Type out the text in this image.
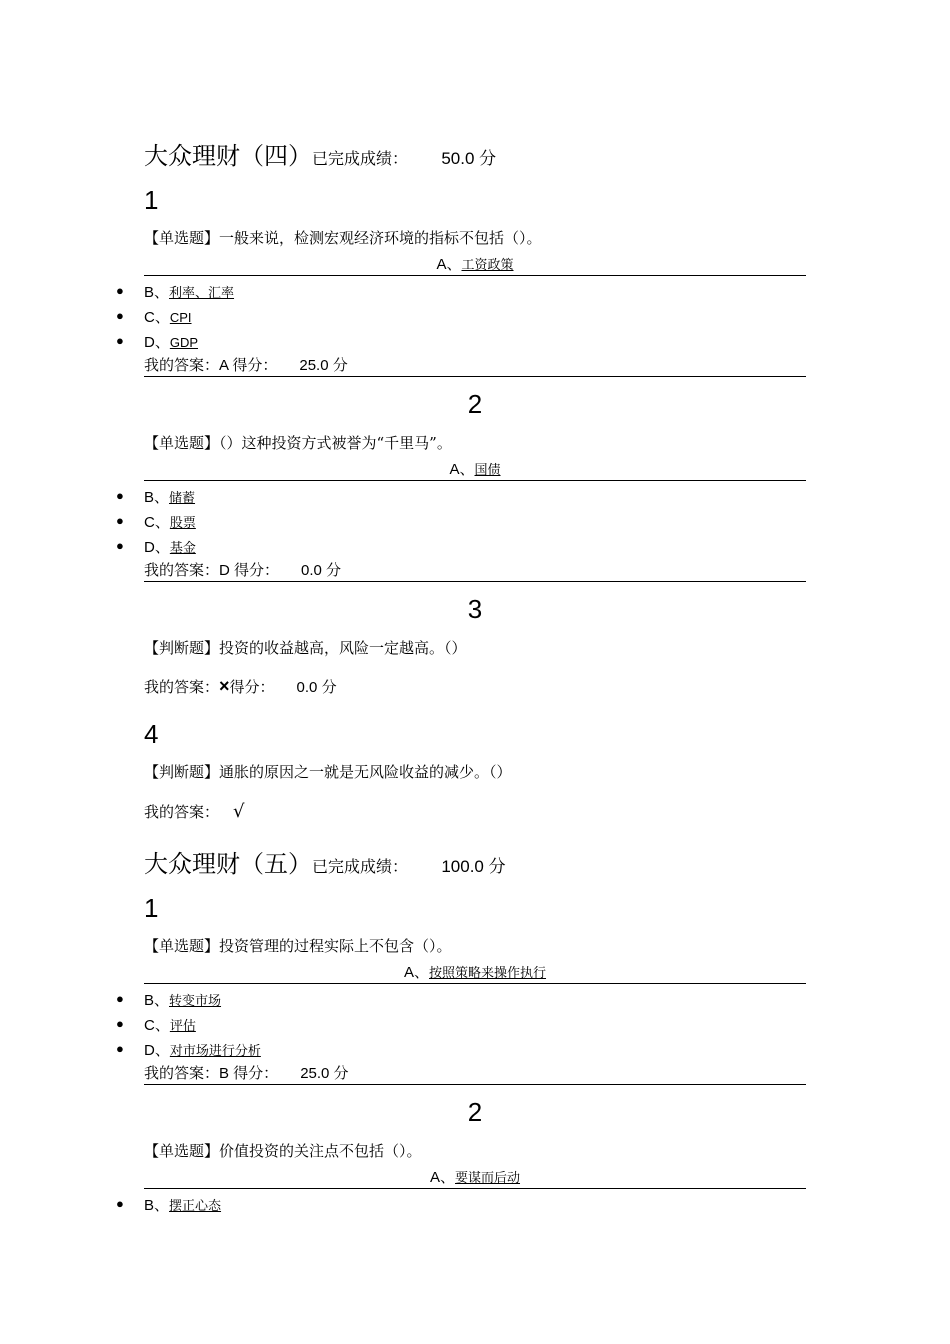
大众理财（四）已完成成绩： 50.0 分
1
【单选题】一般来说，检测宏观经济环境的指标不包括（）。
A、工资政策
● B、利率、汇率
● C、CPI
● D、GDP
我的答案：A 得分： 25.0 分
2
【单选题】（）这种投资方式被誉为“千里马”。
A、国债
● B、储蓄
● C、股票
● D、基金
我的答案：D 得分： 0.0 分
3
【判断题】投资的收益越高，风险一定越高。（）
我的答案：×得分： 0.0 分
4
【判断题】通胀的原因之一就是无风险收益的减少。（）
我的答案： √
大众理财（五）已完成成绩： 100.0 分
1
【单选题】投资管理的过程实际上不包含（）。
A、按照策略来操作执行
● B、转变市场
● C、评估
● D、对市场进行分析
我的答案：B 得分： 25.0 分
2
【单选题】价值投资的关注点不包括（）。
A、要谋而后动
● B、摆正心态
